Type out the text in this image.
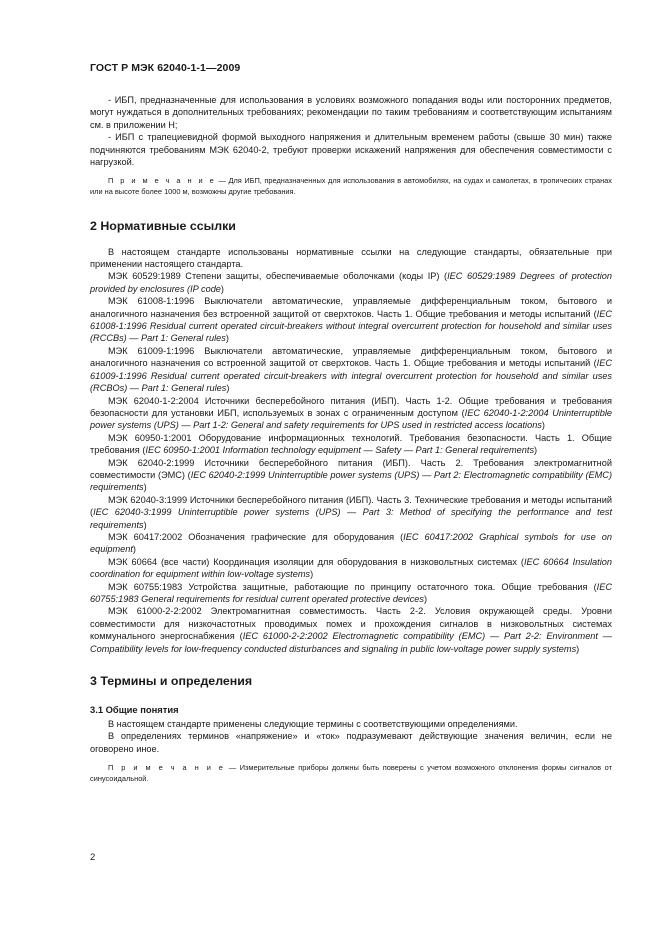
ГОСТ Р МЭК 62040-1-1—2009

- ИБП, предназначенные для использования в условиях возможного попадания воды или посторонних предметов, могут нуждаться в дополнительных требованиях; рекомендации по таким требованиям и соответствующим испытаниям см. в приложении Н;

- ИБП с трапециевидной формой выходного напряжения и длительным временем работы (свыше 30 мин) также подчиняются требованиям МЭК 62040-2, требуют проверки искажений напряжения для обеспечения совместимости с нагрузкой.

П р и м е ч а н и е — Для ИБП, предназначенных для использования в автомобилях, на судах и самолетах, в тропических странах или на высоте более 1000 м, возможны другие требования.

2 Нормативные ссылки

В настоящем стандарте использованы нормативные ссылки на следующие стандарты, обязательные при применении настоящего стандарта.

МЭК 60529:1989 Степени защиты, обеспечиваемые оболочками (коды IP) (IEC 60529:1989 Degrees of protection provided by enclosures (IP code)

МЭК 61008-1:1996 Выключатели автоматические, управляемые дифференциальным током, бытового и аналогичного назначения без встроенной защитой от сверхтоков. Часть 1. Общие требования и методы испытаний (IEC 61008-1:1996 Residual current operated circuit-breakers without integral overcurrent protection for household and similar uses (RCCBs) — Part 1: General rules)

МЭК 61009-1:1996 Выключатели автоматические, управляемые дифференциальным током, бытового и аналогичного назначения со встроенной защитой от сверхтоков. Часть 1. Общие требования и методы испытаний (IEC 61009-1:1996 Residual current operated circuit-breakers with integral overcurrent protection for household and similar uses (RCBOs) — Part 1: General rules)

МЭК 62040-1-2:2004 Источники бесперебойного питания (ИБП). Часть 1-2. Общие требования и требования безопасности для установки ИБП, используемых в зонах с ограниченным доступом (IEC 62040-1-2:2004 Uninterruptible power systems (UPS) — Part 1-2: General and safety requirements for UPS used in restricted access locations)

МЭК 60950-1:2001 Оборудование информационных технологий. Требования безопасности. Часть 1. Общие требования (IEC 60950-1:2001 Information technology equipment — Safety — Part 1: General requirements)

МЭК 62040-2:1999 Источники бесперебойного питания (ИБП). Часть 2. Требования электромагнитной совместимости (ЭМС) (IEC 62040-2:1999 Uninterruptible power systems (UPS) — Part 2: Electromagnetic compatibility (EMC) requirements)

МЭК 62040-3:1999 Источники бесперебойного питания (ИБП). Часть 3. Технические требования и методы испытаний (IEC 62040-3:1999 Uninterruptible power systems (UPS) — Part 3: Method of specifying the performance and test requirements)

МЭК 60417:2002 Обозначения графические для оборудования (IEC 60417:2002 Graphical symbols for use on equipment)

МЭК 60664 (все части) Координация изоляции для оборудования в низковольтных системах (IEC 60664 Insulation coordination for equipment within low-voltage systems)

МЭК 60755:1983 Устройства защитные, работающие по принципу остаточного тока. Общие требования (IEC 60755:1983 General requirements for residual current operated protective devices)

МЭК 61000-2-2:2002 Электромагнитная совместимость. Часть 2-2. Условия окружающей среды. Уровни совместимости для низкочастотных проводимых помех и прохождения сигналов в низковольтных системах коммунального энергоснабжения (IEC 61000-2-2:2002 Electromagnetic compatibility (EMC) — Part 2-2: Environment — Compatibility levels for low-frequency conducted disturbances and signaling in public low-voltage power supply systems)

3 Термины и определения
3.1 Общие понятия

В настоящем стандарте применены следующие термины с соответствующими определениями.

В определениях терминов «напряжение» и «ток» подразумевают действующие значения величин, если не оговорено иное.

П р и м е ч а н и е — Измерительные приборы должны быть поверены с учетом возможного отклонения формы сигналов от синусоидальной.

2
